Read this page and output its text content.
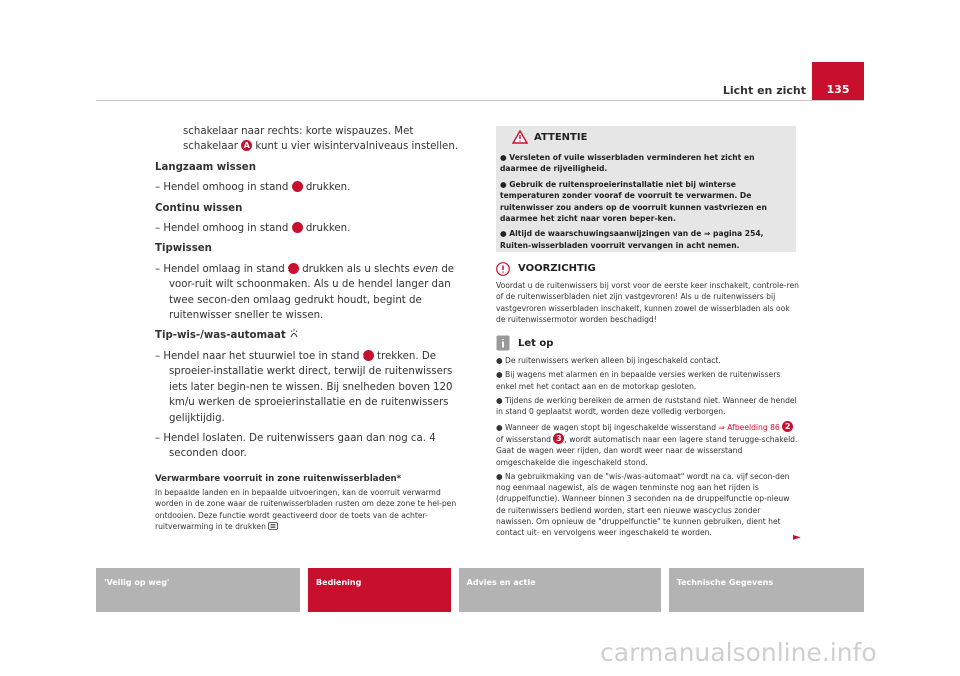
Licht en zicht	135

schakelaar naar rechts: korte wispauzes. Met schakelaar A kunt u vier wisintervalniveaus instellen.

Langzaam wissen

– Hendel omhoog in stand 2 drukken.

Continu wissen

– Hendel omhoog in stand 3 drukken.

Tipwissen

– Hendel omlaag in stand 4 drukken als u slechts even de voor-ruit wilt schoonmaken. Als u de hendel langer dan twee secon-den omlaag gedrukt houdt, begint de ruitenwisser sneller te wissen.

Tip-wis-/was-automaat

– Hendel naar het stuurwiel toe in stand 5 trekken. De sproeier-installatie werkt direct, terwijl de ruitenwissers iets later begin-nen te wissen. Bij snelheden boven 120 km/u werken de sproeierinstallatie en de ruitenwissers gelijktijdig.

– Hendel loslaten. De ruitenwissers gaan dan nog ca. 4 seconden door.

Verwarmbare voorruit in zone ruitenwisserbladen*
In bepaalde landen en in bepaalde uitvoeringen, kan de voorruit verwarmd worden in de zone waar de ruitenwisserbladen rusten om deze zone te hel-pen ontdooien. Deze functie wordt geactiveerd door de toets van de achter-ruitverwarming in te drukken
ATTENTIE

● Versleten of vuile wisserbladen verminderen het zicht en daarmee de rijveiligheid.

● Gebruik de ruitensproeierinstallatie niet bij winterse temperaturen zonder vooraf de voorruit te verwarmen. De ruitenwisser zou anders op de voorruit kunnen vastvriezen en daarmee het zicht naar voren beper-ken.

● Altijd de waarschuwingsaanwijzingen van de ⇒ pagina 254, Ruiten-wisserbladen voorruit vervangen in acht nemen.

VOORZICHTIG

Voordat u de ruitenwissers bij vorst voor de eerste keer inschakelt, controle-ren of de ruitenwisserbladen niet zijn vastgevroren! Als u de ruitenwissers bij vastgevroren wisserbladen inschakelt, kunnen zowel de wisserbladen als ook de ruitenwissermotor worden beschadigd!

Let op

● De ruitenwissers werken alleen bij ingeschakeld contact.

● Bij wagens met alarmen en in bepaalde versies werken de ruitenwissers enkel met het contact aan en de motorkap gesloten.

● Tijdens de werking bereiken de armen de ruststand niet. Wanneer de hendel in stand 0 geplaatst wordt, worden deze volledig verborgen.

● Wanneer de wagen stopt bij ingeschakelde wisserstand ⇒ Afbeelding 86 2 of wisserstand 3 , wordt automatisch naar een lagere stand terugge-schakeld. Gaat de wagen weer rijden, dan wordt weer naar de wisserstand omgeschakelde die ingeschakeld stond.

● Na gebruikmaking van de "wis-/was-automaat" wordt na ca. vijf secon-den nog eenmaal nagewist, als de wagen tenminste nog aan het rijden is (druppelfunctie). Wanneer binnen 3 seconden na de druppelfunctie op-nieuw de ruitenwissers bediend worden, start een nieuwe wascyclus zonder nawissen. Om opnieuw de "druppelfunctie" te kunnen gebruiken, dient het contact uit- en vervolgens weer ingeschakeld te worden.	►
'Veilig op weg'	Bediening	Advies en actie	Technische Gegevens
carmanualsonline.info
